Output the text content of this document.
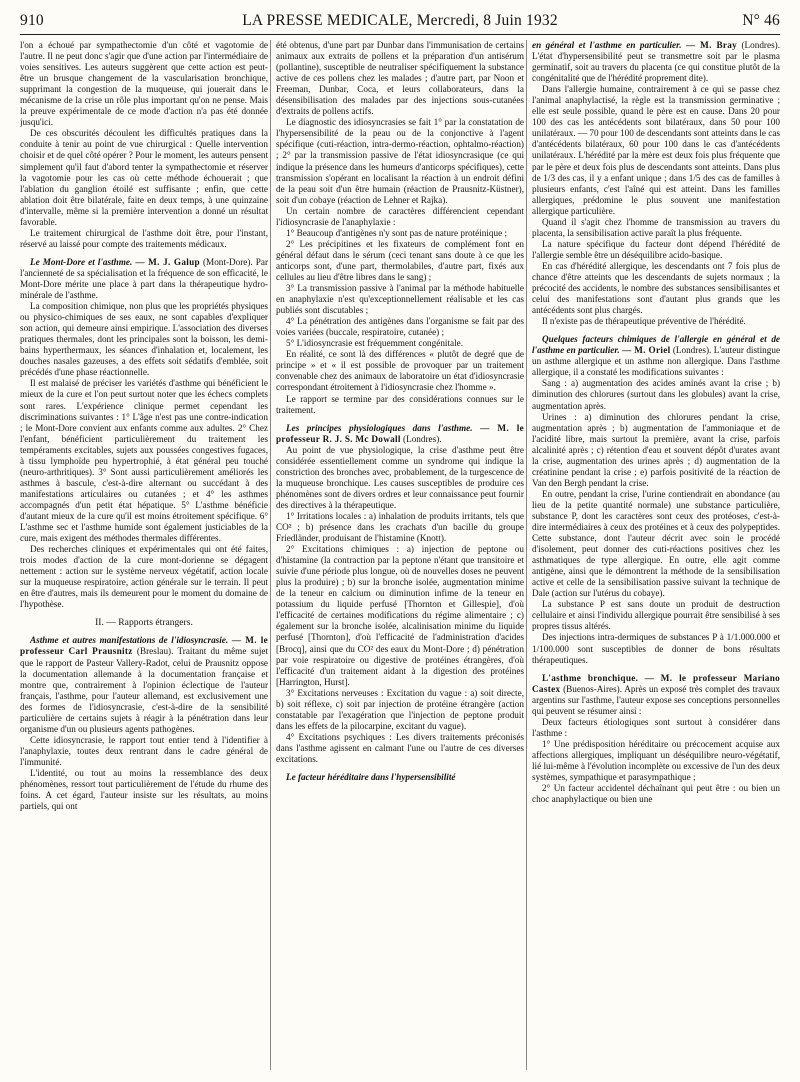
910	LA PRESSE MEDICALE, Mercredi, 8 Juin 1932	N° 46

l'on a échoué par sympathectomie d'un côté et vagotomie de l'autre. Il ne peut donc s'agir que d'une action par l'intermédiaire de voies sensitives. Les auteurs suggèrent que cette action est peut-être un brusque changement de la vascularisation bronchique, supprimant la congestion de la muqueuse, qui jouerait dans le mécanisme de la crise un rôle plus important qu'on ne pense. Mais la preuve expérimentale de ce mode d'action n'a pas été donnée jusqu'ici.

De ces obscurités découlent les difficultés pratiques dans la conduite à tenir au point de vue chirurgical : Quelle intervention choisir et de quel côté opérer ? Pour le moment, les auteurs pensent simplement qu'il faut d'abord tenter la sympathectomie et réserver la vagotomie pour les cas où cette méthode échouerait ; que l'ablation du ganglion étoilé est suffisante ; enfin, que cette ablation doit être bilatérale, faite en deux temps, à une quinzaine d'intervalle, même si la première intervention a donné un résultat favorable.

Le traitement chirurgical de l'asthme doit être, pour l'instant, réservé au laissé pour compte des traitements médicaux.

Le Mont-Dore et l'asthme. — M. J. Galup (Mont-Dore). Par l'ancienneté de sa spécialisation et la fréquence de son efficacité, le Mont-Dore mérite une place à part dans la thérapeutique hydro-minérale de l'asthme.

La composition chimique, non plus que les propriétés physiques ou physico-chimiques de ses eaux, ne sont capables d'expliquer son action, qui demeure ainsi empirique. L'association des diverses pratiques thermales, dont les principales sont la boisson, les demi-bains hyperthermaux, les séances d'inhalation et, localement, les douches nasales gazeuses, a des effets soit sédatifs d'emblée, soit précédés d'une phase réactionnelle.

Il est malaisé de préciser les variétés d'asthme qui bénéficient le mieux de la cure et l'on peut surtout noter que les échecs complets sont rares. L'expérience clinique permet cependant les discriminations suivantes : 1° L'âge n'est pas une contre-indication ; le Mont-Dore convient aux enfants comme aux adultes. 2° Chez l'enfant, bénéficient particulièrement du traitement les tempéraments excitables, sujets aux poussées congestives fugaces, à tissu lymphoïde peu hypertrophié, à état général peu touché (neuro-arthritiques). 3° Sont aussi particulièrement améliorés les asthmes à bascule, c'est-à-dire alternant ou succédant à des manifestations articulaires ou cutanées ; et 4° les asthmes accompagnés d'un petit état hépatique. 5° L'asthme bénéficie d'autant mieux de la cure qu'il est moins étroitement spécifique. 6° L'asthme sec et l'asthme humide sont également justiciables de la cure, mais exigent des méthodes thermales différentes.

Des recherches cliniques et expérimentales qui ont été faites, trois modes d'action de la cure mont-dorienne se dégagent nettement : action sur le système nerveux végétatif, action locale sur la muqueuse respiratoire, action générale sur le terrain. Il peut en être d'autres, mais ils demeurent pour le moment du domaine de l'hypothèse.

II. — Rapports étrangers.

Asthme et autres manifestations de l'idiosyncrasie. — M. le professeur Carl Prausnitz (Breslau). Traitant du même sujet que le rapport de Pasteur Vallery-Radot, celui de Prausnitz oppose la documentation allemande à la documentation française et montre que, contrairement à l'opinion éclectique de l'auteur français, l'asthme, pour l'auteur allemand, est exclusivement une des formes de l'idiosyncrasie, c'est-à-dire de la sensibilité particulière de certains sujets à réagir à la pénétration dans leur organisme d'un ou plusieurs agents pathogènes.

Cette idiosyncrasie, le rapport tout entier tend à l'identifier à l'anaphylaxie, toutes deux rentrant dans le cadre général de l'immunité.

L'identité, ou tout au moins la ressemblance des deux phénomènes, ressort tout particulièrement de l'étude du rhume des foins. A cet égard, l'auteur insiste sur les résultats, au moins partiels, qui ont

été obtenus, d'une part par Dunbar dans l'immunisation de certains animaux aux extraits de pollens et la préparation d'un antisérum (pollantine), susceptible de neutraliser spécifiquement la substance active de ces pollens chez les malades ; d'autre part, par Noon et Freeman, Dunbar, Coca, et leurs collaborateurs, dans la désensibilisation des malades par des injections sous-cutanées d'extraits de pollens actifs.

Le diagnostic des idiosyncrasies se fait 1° par la constatation de l'hypersensibilité de la peau ou de la conjonctive à l'agent spécifique (cuti-réaction, intra-dermo-réaction, ophtalmo-réaction) ; 2° par la transmission passive de l'état idiosyncrasique (ce qui indique la présence dans les humeurs d'anticorps spécifiques), cette transmission s'opérant en localisant la réaction à un endroit défini de la peau soit d'un être humain (réaction de Prausnitz-Küstner), soit d'un cobaye (réaction de Lehner et Rajka).

Un certain nombre de caractères différencient cependant l'idiosyncrasie de l'anaphylaxie :

1° Beaucoup d'antigènes n'y sont pas de nature protéinique ;

2° Les précipitines et les fixateurs de complément font en général défaut dans le sérum (ceci tenant sans doute à ce que les anticorps sont, d'une part, thermolabiles, d'autre part, fixés aux cellules au lieu d'être libres dans le sang) ;

3° La transmission passive à l'animal par la méthode habituelle en anaphylaxie n'est qu'exceptionnellement réalisable et les cas publiés sont discutables ;

4° La pénétration des antigènes dans l'organisme se fait par des voies variées (buccale, respiratoire, cutanée) ;

5° L'idiosyncrasie est fréquemment congénitale.

En réalité, ce sont là des différences « plutôt de degré que de principe » et « il est possible de provoquer par un traitement convenable chez des animaux de laboratoire un état d'idiosyncrasie correspondant étroitement à l'idiosyncrasie chez l'homme ».

Le rapport se termine par des considérations connues sur le traitement.

Les principes physiologiques dans l'asthme. — M. le professeur R. J. S. Mc Dowall (Londres).

Au point de vue physiologique, la crise d'asthme peut être considérée essentiellement comme un syndrome qui indique la constriction des bronches avec, probablement, de la turgescence de la muqueuse bronchique. Les causes susceptibles de produire ces phénomènes sont de divers ordres et leur connaissance peut fournir des directives à la thérapeutique.

1° Irritations locales : a) inhalation de produits irritants, tels que CO² ; b) présence dans les crachats d'un bacille du groupe Friedländer, produisant de l'histamine (Knott).

2° Excitations chimiques : a) injection de peptone ou d'histamine (la contraction par la peptone n'étant que transitoire et suivie d'une période plus longue, où de nouvelles doses ne peuvent plus la produire) ; b) sur la bronche isolée, augmentation minime de la teneur en calcium ou diminution infime de la teneur en potassium du liquide perfusé [Thornton et Gillespie], d'où l'efficacité de certaines modifications du régime alimentaire ; c) également sur la bronche isolée, alcalinisation minime du liquide perfusé [Thornton], d'où l'efficacité de l'administration d'acides [Brocq], ainsi que du CO² des eaux du Mont-Dore ; d) pénétration par voie respiratoire ou digestive de protéines étrangères, d'où l'efficacité d'un traitement aidant à la digestion des protéines [Harrington, Hurst].

3° Excitations nerveuses : Excitation du vague : a) soit directe, b) soit réflexe, c) soit par injection de protéine étrangère (action constatable par l'exagération que l'injection de peptone produit dans les effets de la pilocarpine, excitant du vague).

4° Excitations psychiques : Les divers traitements préconisés dans l'asthme agissent en calmant l'une ou l'autre de ces diverses excitations.

Le facteur héréditaire dans l'hypersensibilité

en général et l'asthme en particulier. — M. Bray (Londres). L'état d'hypersensibilité peut se transmettre soit par le plasma germinatif, soit au travers du placenta (ce qui constitue plutôt de la congénitalité que de l'hérédité proprement dite).

Dans l'allergie humaine, contrairement à ce qui se passe chez l'animal anaphylactisé, la règle est la transmission germinative ; elle est seule possible, quand le père est en cause. Dans 20 pour 100 des cas les antécédents sont bilatéraux, dans 50 pour 100 unilatéraux. — 70 pour 100 de descendants sont atteints dans le cas d'antécédents bilatéraux, 60 pour 100 dans le cas d'antécédents unilatéraux. L'hérédité par la mère est deux fois plus fréquente que par le père et deux fois plus de descendants sont atteints. Dans plus de 1/3 des cas, il y a enfant unique ; dans 1/5 des cas de familles à plusieurs enfants, c'est l'aîné qui est atteint. Dans les familles allergiques, prédomine le plus souvent une manifestation allergique particulière.

Quand il s'agit chez l'homme de transmission au travers du placenta, la sensibilisation active paraît la plus fréquente.

La nature spécifique du facteur dont dépend l'hérédité de l'allergie semble être un déséquilibre acido-basique.

En cas d'hérédité allergique, les descendants ont 7 fois plus de chance d'être atteints que les descendants de sujets normaux ; la précocité des accidents, le nombre des substances sensibilisantes et celui des manifestations sont d'autant plus grands que les antécédents sont plus chargés.

Il n'existe pas de thérapeutique préventive de l'hérédité.

Quelques facteurs chimiques de l'allergie en général et de l'asthme en particulier. — M. Oriel (Londres). L'auteur distingue un asthme allergique et un asthme non allergique. Dans l'asthme allergique, il a constaté les modifications suivantes :

Sang : a) augmentation des acides aminés avant la crise ; b) diminution des chlorures (surtout dans les globules) avant la crise, augmentation après.

Urines : a) diminution des chlorures pendant la crise, augmentation après ; b) augmentation de l'ammoniaque et de l'acidité libre, mais surtout la première, avant la crise, parfois alcalinité après ; c) rétention d'eau et souvent dépôt d'urates avant la crise, augmentation des urines après ; d) augmentation de la créatinine pendant la crise ; e) parfois positivité de la réaction de Van den Bergh pendant la crise.

En outre, pendant la crise, l'urine contiendrait en abondance (au lieu de la petite quantité normale) une substance particulière, substance P, dont les caractères sont ceux des protéoses, c'est-à-dire intermédiaires à ceux des protéines et à ceux des polypeptides. Cette substance, dont l'auteur décrit avec soin le procédé d'isolement, peut donner des cuti-réactions positives chez les asthmatiques de type allergique. En outre, elle agit comme antigène, ainsi que le démontrent la méthode de la sensibilisation active et celle de la sensibilisation passive suivant la technique de Dale (action sur l'utérus du cobaye).

La substance P est sans doute un produit de destruction cellulaire et ainsi l'individu allergique pourrait être sensibilisé à ses propres tissus altérés.

Des injections intra-dermiques de substances P à 1/1.000.000 et 1/100.000 sont susceptibles de donner de bons résultats thérapeutiques.

L'asthme bronchique. — M. le professeur Mariano Castex (Buenos-Aires). Après un exposé très complet des travaux argentins sur l'asthme, l'auteur expose ses conceptions personnelles qui peuvent se résumer ainsi :

Deux facteurs étiologiques sont surtout à considérer dans l'asthme :

1° Une prédisposition héréditaire ou précocement acquise aux affections allergiques, impliquant un déséquilibre neuro-végétatif, lié lui-même à l'évolution incomplète ou excessive de l'un des deux systèmes, sympathique et parasympathique ;

2° Un facteur accidentel déchaînant qui peut être : ou bien un choc anaphylactique ou bien une
